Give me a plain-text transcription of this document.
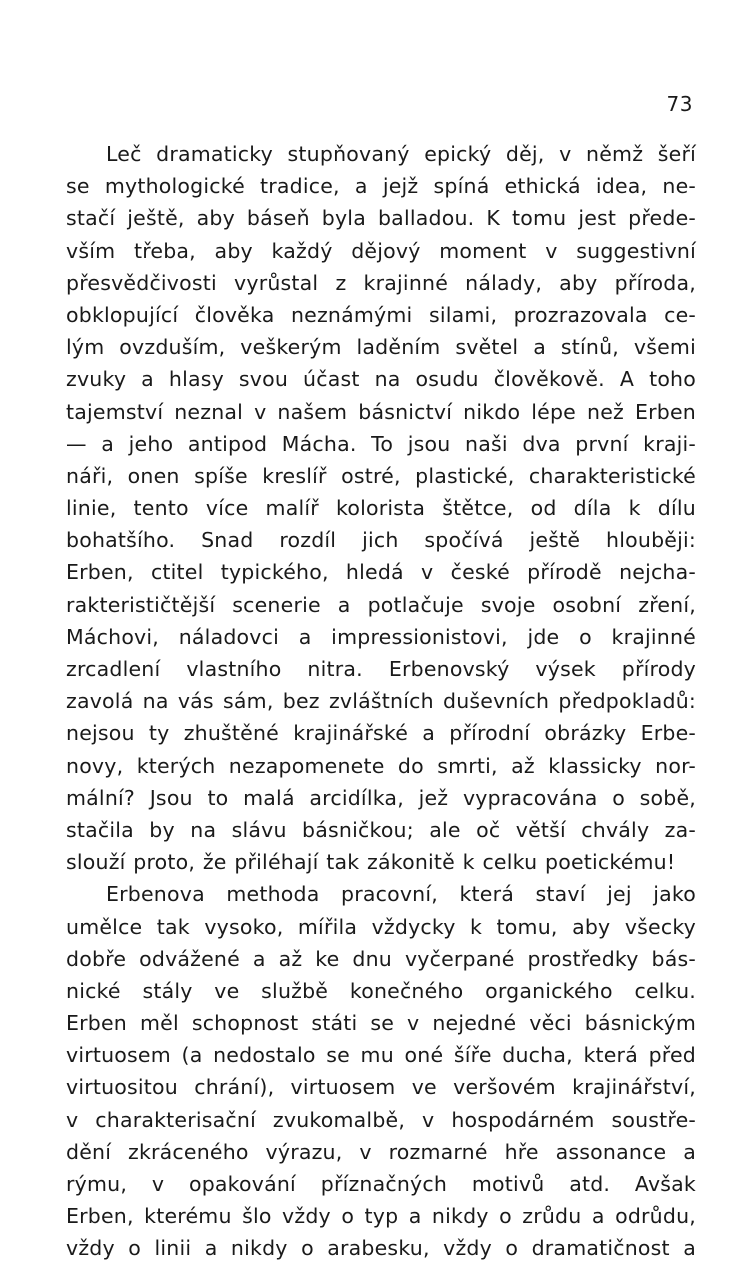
73
Leč dramaticky stupňovaný epický děj, v němž šeří
se mythologické tradice, a jejž spíná ethická idea, ne-
stačí ještě, aby báseň byla balladou. K tomu jest přede-
vším třeba, aby každý dějový moment v suggestivní
přesvědčivosti vyrůstal z krajinné nálady, aby příroda,
obklopující člověka neznámými silami, prozrazovala ce-
lým ovzduším, veškerým laděním světel a stínů, všemi
zvuky a hlasy svou účast na osudu člověkově. A toho
tajemství neznal v našem básnictví nikdo lépe než Erben
— a jeho antipod Mácha. To jsou naši dva první kraji-
náři, onen spíše kreslíř ostré, plastické, charakteristické
linie, tento více malíř kolorista štětce, od díla k dílu
bohatšího. Snad rozdíl jich spočívá ještě hlouběji:
Erben, ctitel typického, hledá v české přírodě nejcha-
rakterističtější scenerie a potlačuje svoje osobní zření,
Máchovi, náladovci a impressionistovi, jde o krajinné
zrcadlení vlastního nitra. Erbenovský výsek přírody
zavolá na vás sám, bez zvláštních duševních předpokladů:
nejsou ty zhuštěné krajinářské a přírodní obrázky Erbe-
novy, kterých nezapomenete do smrti, až klassicky nor-
mální? Jsou to malá arcidílka, jež vypracována o sobě,
stačila by na slávu básničkou; ale oč větší chvály za-
slouží proto, že přiléhají tak zákonitě k celku poetickému!
Erbenova methoda pracovní, která staví jej jako
umělce tak vysoko, mířila vždycky k tomu, aby všecky
dobře odvážené a až ke dnu vyčerpané prostředky bás-
nické stály ve službě konečného organického celku.
Erben měl schopnost státi se v nejedné věci básnickým
virtuosem (a nedostalo se mu oné šíře ducha, která před
virtuositou chrání), virtuosem ve veršovém krajinářství,
v charakterisační zvukomalbě, v hospodárném soustře-
dění zkráceného výrazu, v rozmarné hře assonance a
rýmu, v opakování příznačných motivů atd. Avšak
Erben, kterému šlo vždy o typ a nikdy o zrůdu a odrůdu,
vždy o linii a nikdy o arabesku, vždy o dramatičnost a
